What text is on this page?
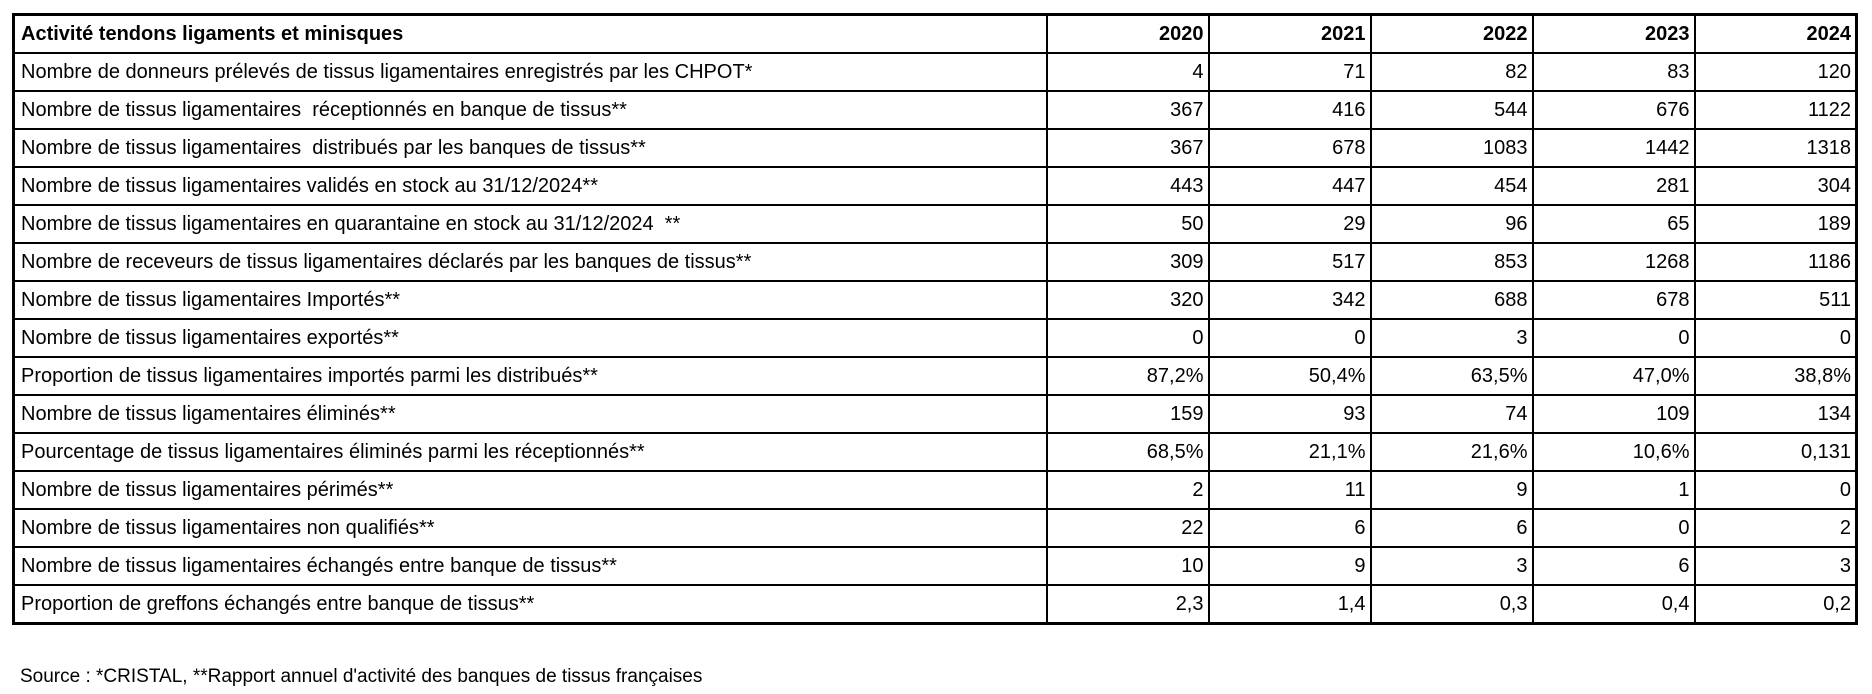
Activité tendons ligaments et minisques	2020	2021	2022	2023	2024
Nombre de donneurs prélevés de tissus ligamentaires enregistrés par les CHPOT*	4	71	82	83	120
Nombre de tissus ligamentaires  réceptionnés en banque de tissus**	367	416	544	676	1122
Nombre de tissus ligamentaires  distribués par les banques de tissus**	367	678	1083	1442	1318
Nombre de tissus ligamentaires validés en stock au 31/12/2024**	443	447	454	281	304
Nombre de tissus ligamentaires en quarantaine en stock au 31/12/2024  **	50	29	96	65	189
Nombre de receveurs de tissus ligamentaires déclarés par les banques de tissus**	309	517	853	1268	1186
Nombre de tissus ligamentaires Importés**	320	342	688	678	511
Nombre de tissus ligamentaires exportés**	0	0	3	0	0
Proportion de tissus ligamentaires importés parmi les distribués**	87,2%	50,4%	63,5%	47,0%	38,8%
Nombre de tissus ligamentaires éliminés**	159	93	74	109	134
Pourcentage de tissus ligamentaires éliminés parmi les réceptionnés**	68,5%	21,1%	21,6%	10,6%	0,131
Nombre de tissus ligamentaires périmés**	2	11	9	1	0
Nombre de tissus ligamentaires non qualifiés**	22	6	6	0	2
Nombre de tissus ligamentaires échangés entre banque de tissus**	10	9	3	6	3
Proportion de greffons échangés entre banque de tissus**	2,3	1,4	0,3	0,4	0,2
Source : *CRISTAL, **Rapport annuel d'activité des banques de tissus françaises
